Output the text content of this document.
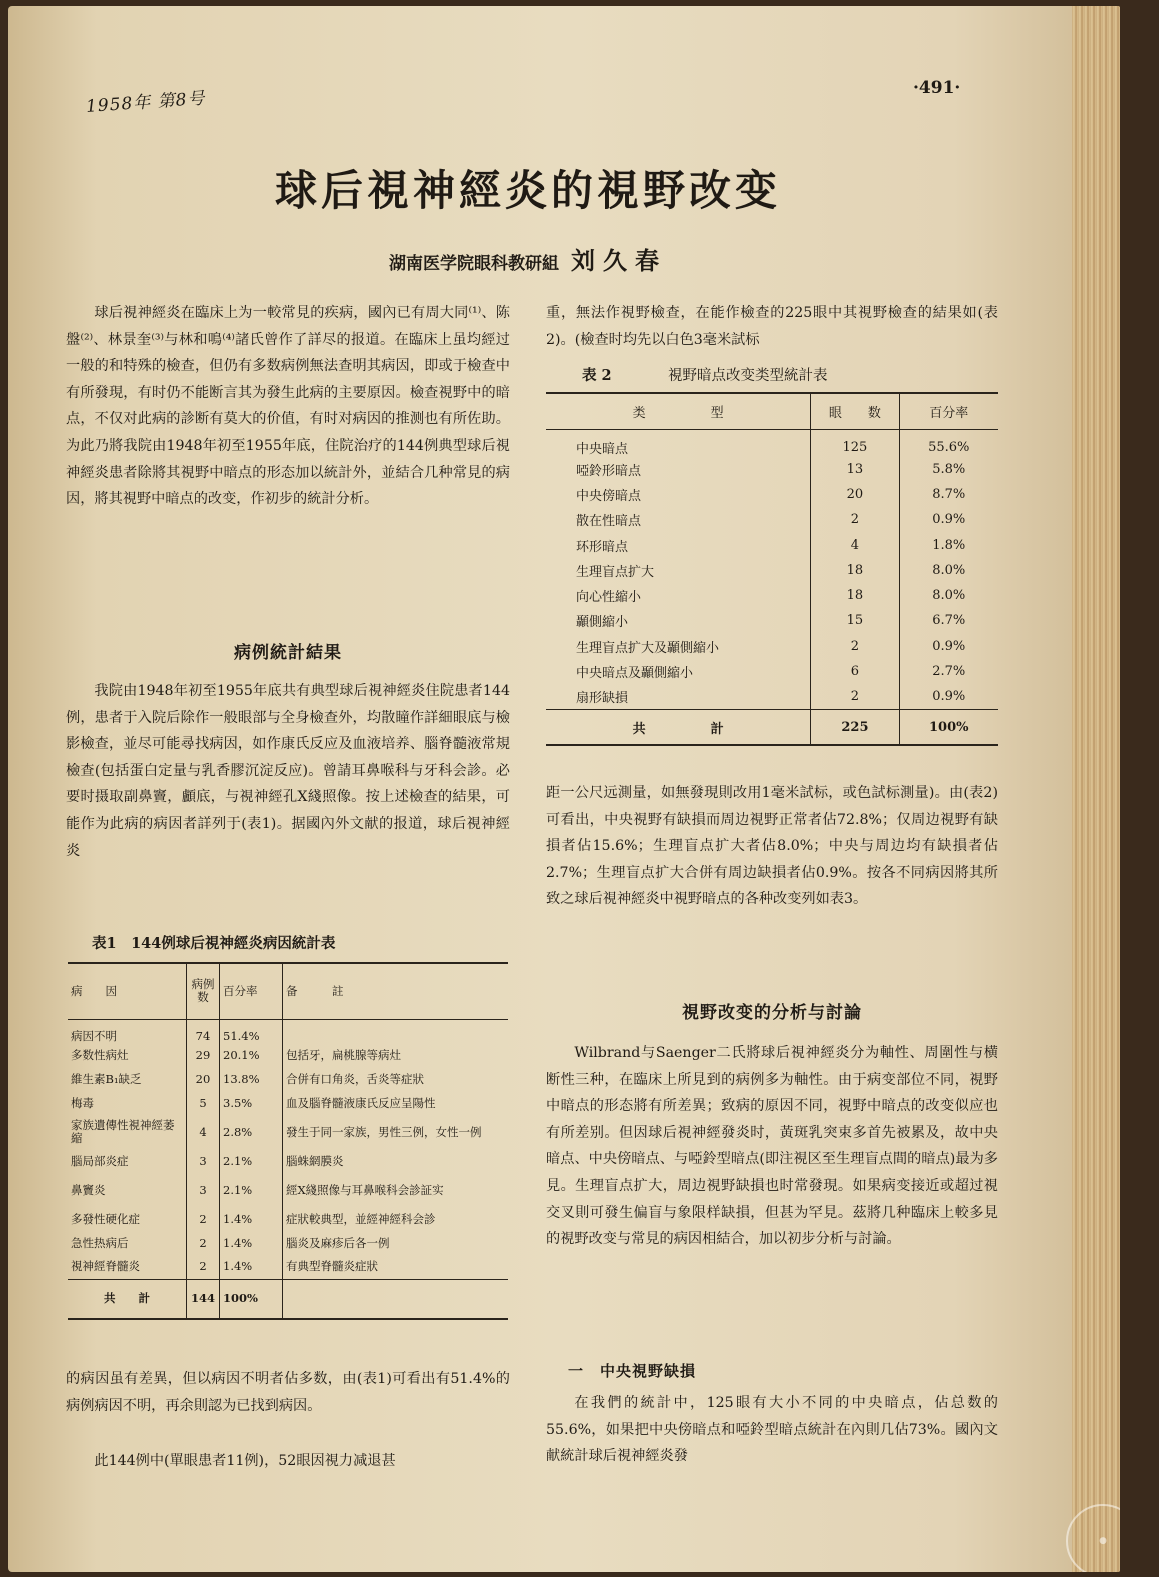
1958年 第8号
·491·
球后視神經炎的視野改变
湖南医学院眼科教研組 刘久春
球后視神經炎在臨床上为一較常見的疾病，國內已有周大同⁽¹⁾、陈盤⁽²⁾、林景奎⁽³⁾与林和鳴⁽⁴⁾諸氏曾作了詳尽的报道。在臨床上虽均經过一般的和特殊的檢查，但仍有多数病例無法查明其病因，即或于檢查中有所發現，有时仍不能断言其为發生此病的主要原因。檢查視野中的暗点，不仅对此病的診断有莫大的价值，有时对病因的推测也有所佐助。为此乃將我院由1948年初至1955年底，住院治疗的144例典型球后視神經炎患者除將其視野中暗点的形态加以統計外，並結合几种常見的病因，將其視野中暗点的改变，作初步的統計分析。
病例統計結果
我院由1948年初至1955年底共有典型球后視神經炎住院患者144例，患者于入院后除作一般眼部与全身檢查外，均散瞳作詳細眼底与檢影檢查，並尽可能尋找病因，如作康氏反应及血液培养、腦脊髓液常規檢查(包括蛋白定量与乳香膠沉淀反应)。曾請耳鼻喉科与牙科会診。必要时摄取副鼻竇，顱底，与視神經孔X綫照像。按上述檢查的結果，可能作为此病的病因者詳列于(表1)。据國內外文献的报道，球后視神經炎
表1　144例球后視神經炎病因統計表
病　　因	病例数	百分率	备　　　註
病因不明	74	51.4%	
多数性病灶	29	20.1%	包括牙，扁桃腺等病灶
維生素B₁缺乏	20	13.8%	合併有口角炎，舌炎等症狀
梅毒	5	3.5%	血及腦脊髓液康氏反应呈陽性
家族遺傳性視神經萎縮	4	2.8%	發生于同一家族，男性三例，女性一例
腦局部炎症	3	2.1%	腦蛛網膜炎
鼻竇炎	3	2.1%	經X綫照像与耳鼻喉科会診証实
多發性硬化症	2	1.4%	症狀較典型，並經神經科会診
急性热病后	2	1.4%	腦炎及麻疹后各一例
視神經脊髓炎	2	1.4%	有典型脊髓炎症狀
共　　計	144	100%	
的病因虽有差異，但以病因不明者佔多数，由(表1)可看出有51.4%的病例病因不明，再余則認为已找到病因。
此144例中(單眼患者11例)，52眼因視力减退甚
重，無法作視野檢查，在能作檢查的225眼中其視野檢查的結果如(表2)。(檢查时均先以白色3毫米試标
表 2	視野暗点改变类型統計表
类　　　　　型	眼　　数	百分率
中央暗点	125	55.6%
啞鈴形暗点	13	5.8%
中央傍暗点	20	8.7%
散在性暗点	2	0.9%
环形暗点	4	1.8%
生理盲点扩大	18	8.0%
向心性縮小	18	8.0%
顳側縮小	15	6.7%
生理盲点扩大及顳側縮小	2	0.9%
中央暗点及顳側縮小	6	2.7%
扇形缺損	2	0.9%
共　　　　　計	225	100%
距一公尺远測量，如無發現則改用1毫米試标，或色試标測量)。由(表2)可看出，中央視野有缺損而周边視野正常者佔72.8%；仅周边視野有缺損者佔15.6%；生理盲点扩大者佔8.0%；中央与周边均有缺損者佔2.7%；生理盲点扩大合併有周边缺損者佔0.9%。按各不同病因將其所致之球后視神經炎中視野暗点的各种改变列如表3。
視野改变的分析与討論
Wilbrand与Saenger二氏將球后視神經炎分为軸性、周圍性与横断性三种，在臨床上所見到的病例多为軸性。由于病变部位不同，視野中暗点的形态將有所差異；致病的原因不同，視野中暗点的改变似应也有所差别。但因球后視神經發炎时，黃斑乳突束多首先被累及，故中央暗点、中央傍暗点、与啞鈴型暗点(即注視区至生理盲点間的暗点)最为多見。生理盲点扩大，周边視野缺損也时常發現。如果病变接近或超过視交叉則可發生偏盲与象限样缺損，但甚为罕見。茲將几种臨床上較多見的視野改变与常見的病因相結合，加以初步分析与討論。
一　中央視野缺損
在我們的統計中，125眼有大小不同的中央暗点，佔总数的55.6%，如果把中央傍暗点和啞鈴型暗点統計在內則几佔73%。國內文献統計球后視神經炎發
●
